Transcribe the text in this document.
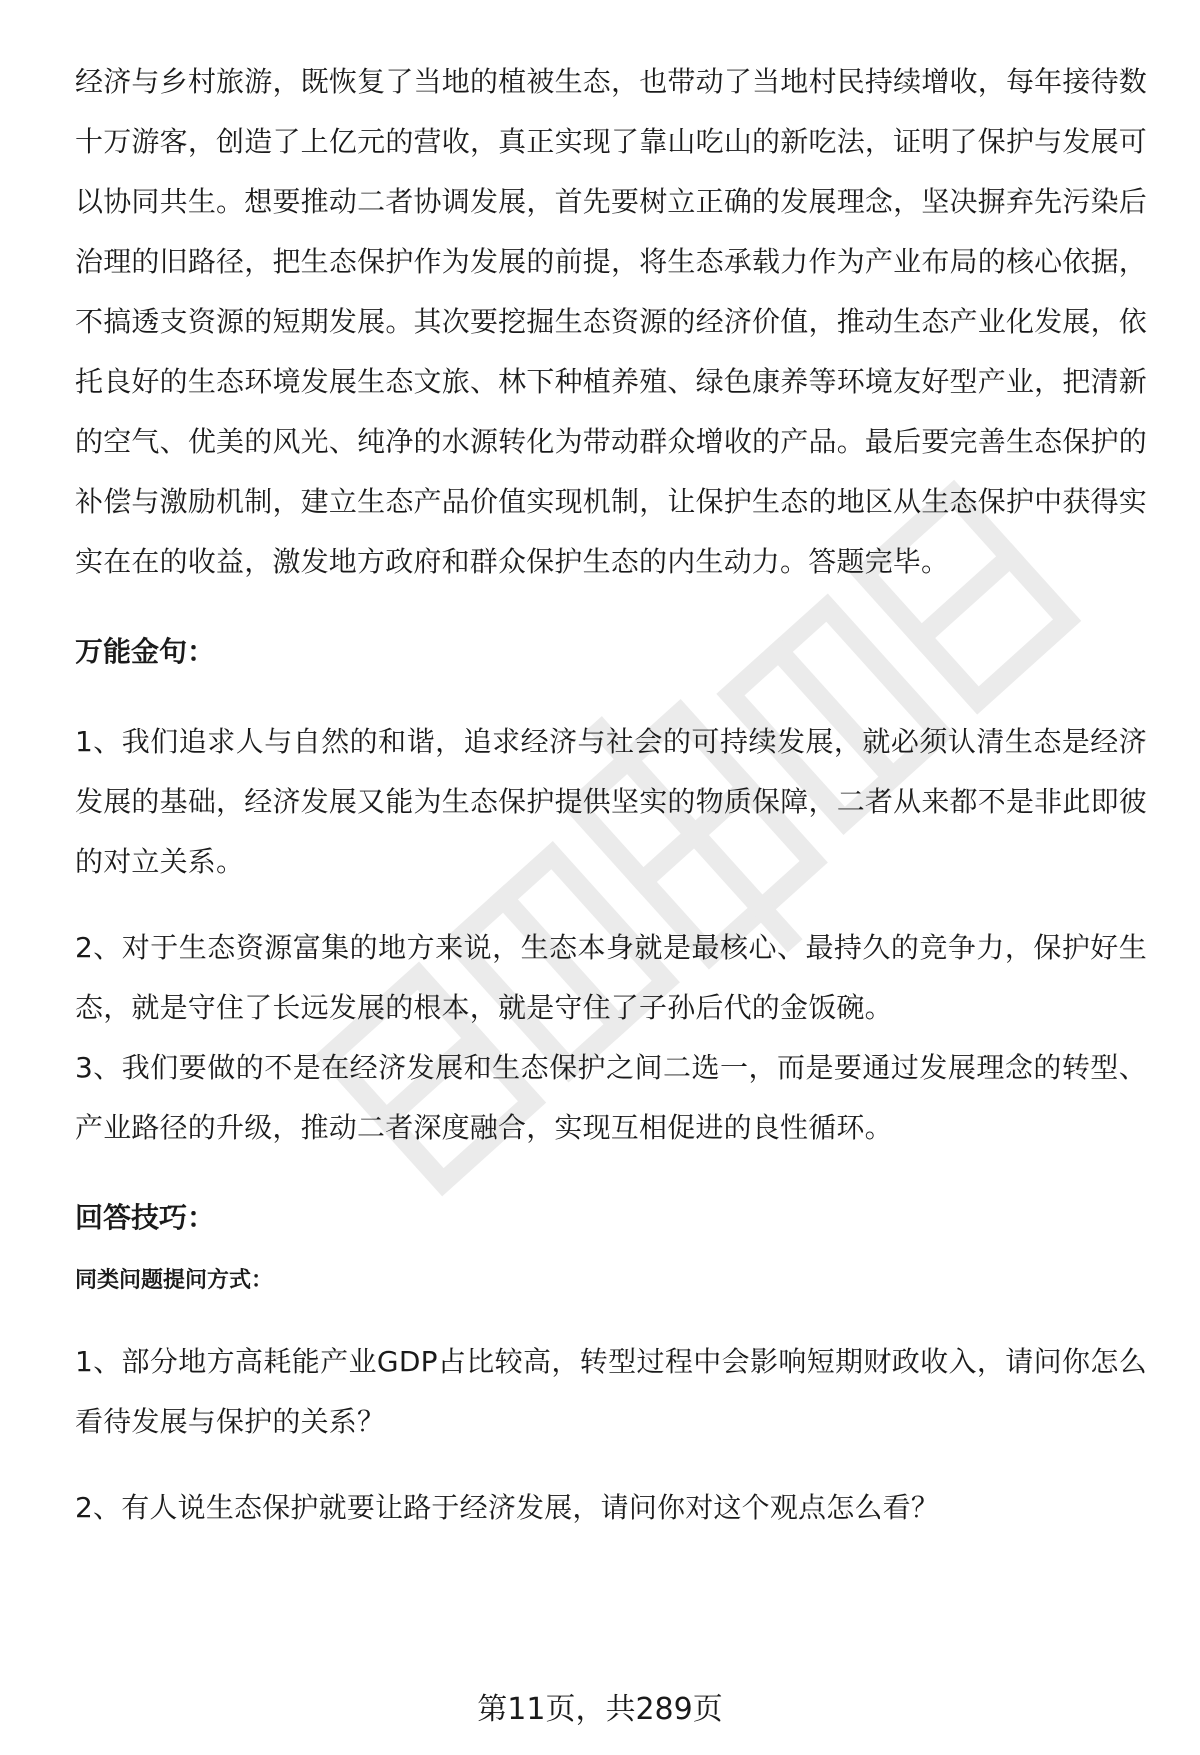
经济与乡村旅游，既恢复了当地的植被生态，也带动了当地村民持续增收，每年接待数十万游客，创造了上亿元的营收，真正实现了靠山吃山的新吃法，证明了保护与发展可以协同共生。想要推动二者协调发展，首先要树立正确的发展理念，坚决摒弃先污染后治理的旧路径，把生态保护作为发展的前提，将生态承载力作为产业布局的核心依据，不搞透支资源的短期发展。其次要挖掘生态资源的经济价值，推动生态产业化发展，依托良好的生态环境发展生态文旅、林下种植养殖、绿色康养等环境友好型产业，把清新的空气、优美的风光、纯净的水源转化为带动群众增收的产品。最后要完善生态保护的补偿与激励机制，建立生态产品价值实现机制，让保护生态的地区从生态保护中获得实实在在的收益，激发地方政府和群众保护生态的内生动力。答题完毕。

万能金句：

1、我们追求人与自然的和谐，追求经济与社会的可持续发展，就必须认清生态是经济发展的基础，经济发展又能为生态保护提供坚实的物质保障，二者从来都不是非此即彼的对立关系。

2、对于生态资源富集的地方来说，生态本身就是最核心、最持久的竞争力，保护好生态，就是守住了长远发展的根本，就是守住了子孙后代的金饭碗。

3、我们要做的不是在经济发展和生态保护之间二选一，而是要通过发展理念的转型、产业路径的升级，推动二者深度融合，实现互相促进的良性循环。

回答技巧：

同类问题提问方式：

1、部分地方高耗能产业GDP占比较高，转型过程中会影响短期财政收入，请问你怎么看待发展与保护的关系？

2、有人说生态保护就要让路于经济发展，请问你对这个观点怎么看？

第11页，共289页
